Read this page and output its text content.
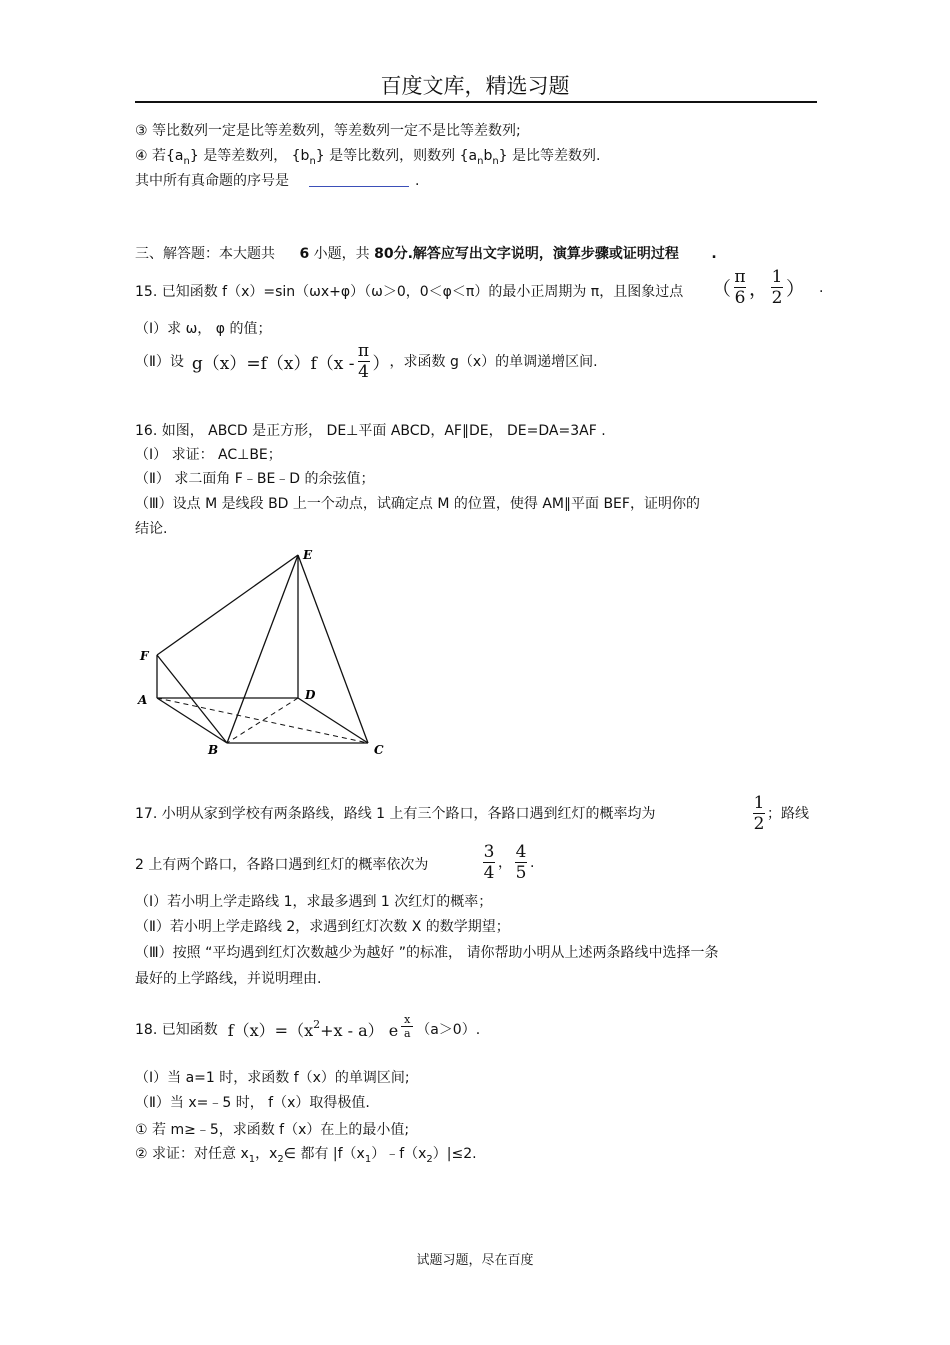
百度文库，精选习题
③ 等比数列一定是比等差数列，等差数列一定不是比等差数列;
④ 若$\{a_n\}$ 是等差数列， $\{b_n\}$ 是等比数列，则数列 $\{a_nb_n\}$ 是比等差数列.
其中所有真命题的序号是	.
三、解答题：本大题共 6 小题，共 80分.解答应写出文字说明，演算步骤或证明过程 .
15. 已知函数 f（x）=sin（ωx+φ）（ω＞0，0＜φ＜π）的最小正周期为 π，且图象过点 （ $\frac{\pi}{6}$ ， $\frac{1}{2}$ ） .
（Ⅰ）求 ω， φ 的值；
（Ⅱ）设 $g(x)=f(x)f(x - \frac{\pi}{4}$ ） ，求函数 g（x）的单调递增区间.
16. 如图， ABCD 是正方形， DE⊥平面 ABCD，AF∥DE， DE=DA=3AF .
（Ⅰ） 求证： AC⊥BE；
（Ⅱ） 求二面角 F﹣BE﹣D 的余弦值；
（Ⅲ）设点 M 是线段 BD 上一个动点，试确定点 M 的位置，使得 AM∥平面 BEF，证明你的
结论.
E
F
A	D
B	C
17. 小明从家到学校有两条路线，路线 1 上有三个路口，各路口遇到红灯的概率均为	$\frac{1}{2}$ ；路线
2 上有两个路口，各路口遇到红灯的概率依次为	$\frac{3}{4}$ ， $\frac{4}{5}$ .
（Ⅰ）若小明上学走路线 1，求最多遇到 1 次红灯的概率；
（Ⅱ）若小明上学走路线 2，求遇到红灯次数 X 的数学期望；
（Ⅲ）按照 “平均遇到红灯次数越少为越好 ”的标准， 请你帮助小明从上述两条路线中选择一条
最好的上学路线，并说明理由.
18. 已知函数 $f(x)=(x^2+x - a)$ e $\frac{x}{a} (a>0)$.
（Ⅰ）当 a=1 时，求函数 f（x）的单调区间;
（Ⅱ）当 x=﹣5 时， f（x）取得极值.
① 若 m≥﹣5，求函数 f（x）在上的最小值;
② 求证：对任意 $x_1$，$x_2\in$ 都有 $|f(x_1)﹣f(x_2)|\le 2$.
试题习题，尽在百度
